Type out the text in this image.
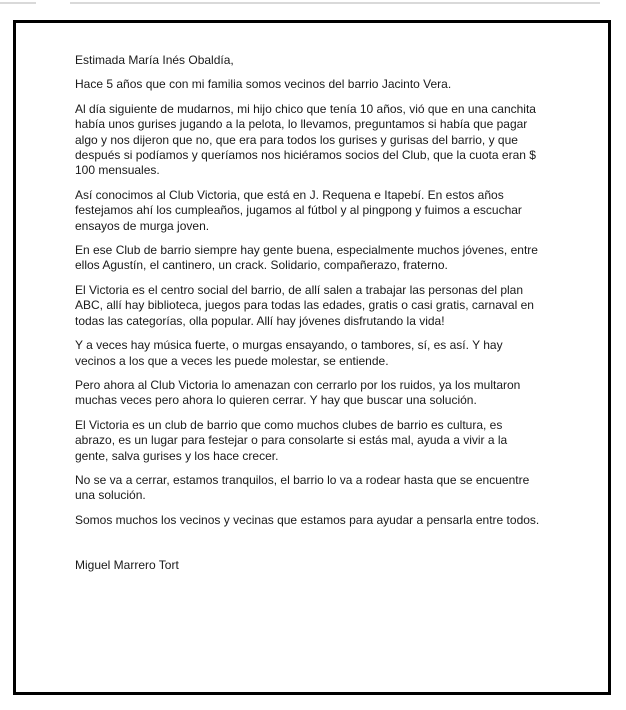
Estimada María Inés Obaldía,

Hace 5 años que con mi familia somos vecinos del barrio Jacinto Vera.

Al día siguiente de mudarnos, mi hijo chico que tenía 10 años, vió que en una canchita había unos gurises jugando a la pelota, lo llevamos, preguntamos si había que pagar algo y nos dijeron que no, que era para todos los gurises y gurisas del barrio, y que después si podíamos y queríamos nos hiciéramos socios del Club, que la cuota eran $ 100 mensuales.

Así conocimos al Club Victoria, que está en J. Requena e Itapebí. En estos años festejamos ahí los cumpleaños, jugamos al fútbol y al pingpong y fuimos a escuchar ensayos de murga joven.

En ese Club de barrio siempre hay gente buena, especialmente muchos jóvenes, entre ellos Agustín, el cantinero, un crack. Solidario, compañerazo, fraterno.

El Victoria es el centro social del barrio, de allí salen a trabajar las personas del plan ABC, allí hay biblioteca, juegos para todas las edades, gratis o casi gratis, carnaval en todas las categorías, olla popular. Allí hay jóvenes disfrutando la vida!

Y a veces hay música fuerte, o murgas ensayando, o tambores, sí, es así. Y hay vecinos a los que a veces les puede molestar, se entiende.

Pero ahora al Club Victoria lo amenazan con cerrarlo por los ruidos, ya los multaron muchas veces pero ahora lo quieren cerrar. Y hay que buscar una solución.

El Victoria es un club de barrio que como muchos clubes de barrio es cultura, es abrazo, es un lugar para festejar o para consolarte si estás mal, ayuda a vivir a la gente, salva gurises y los hace crecer.

No se va a cerrar, estamos tranquilos, el barrio lo va a rodear hasta que se encuentre una solución.

Somos muchos los vecinos y vecinas que estamos para ayudar a pensarla entre todos.

Miguel Marrero Tort
